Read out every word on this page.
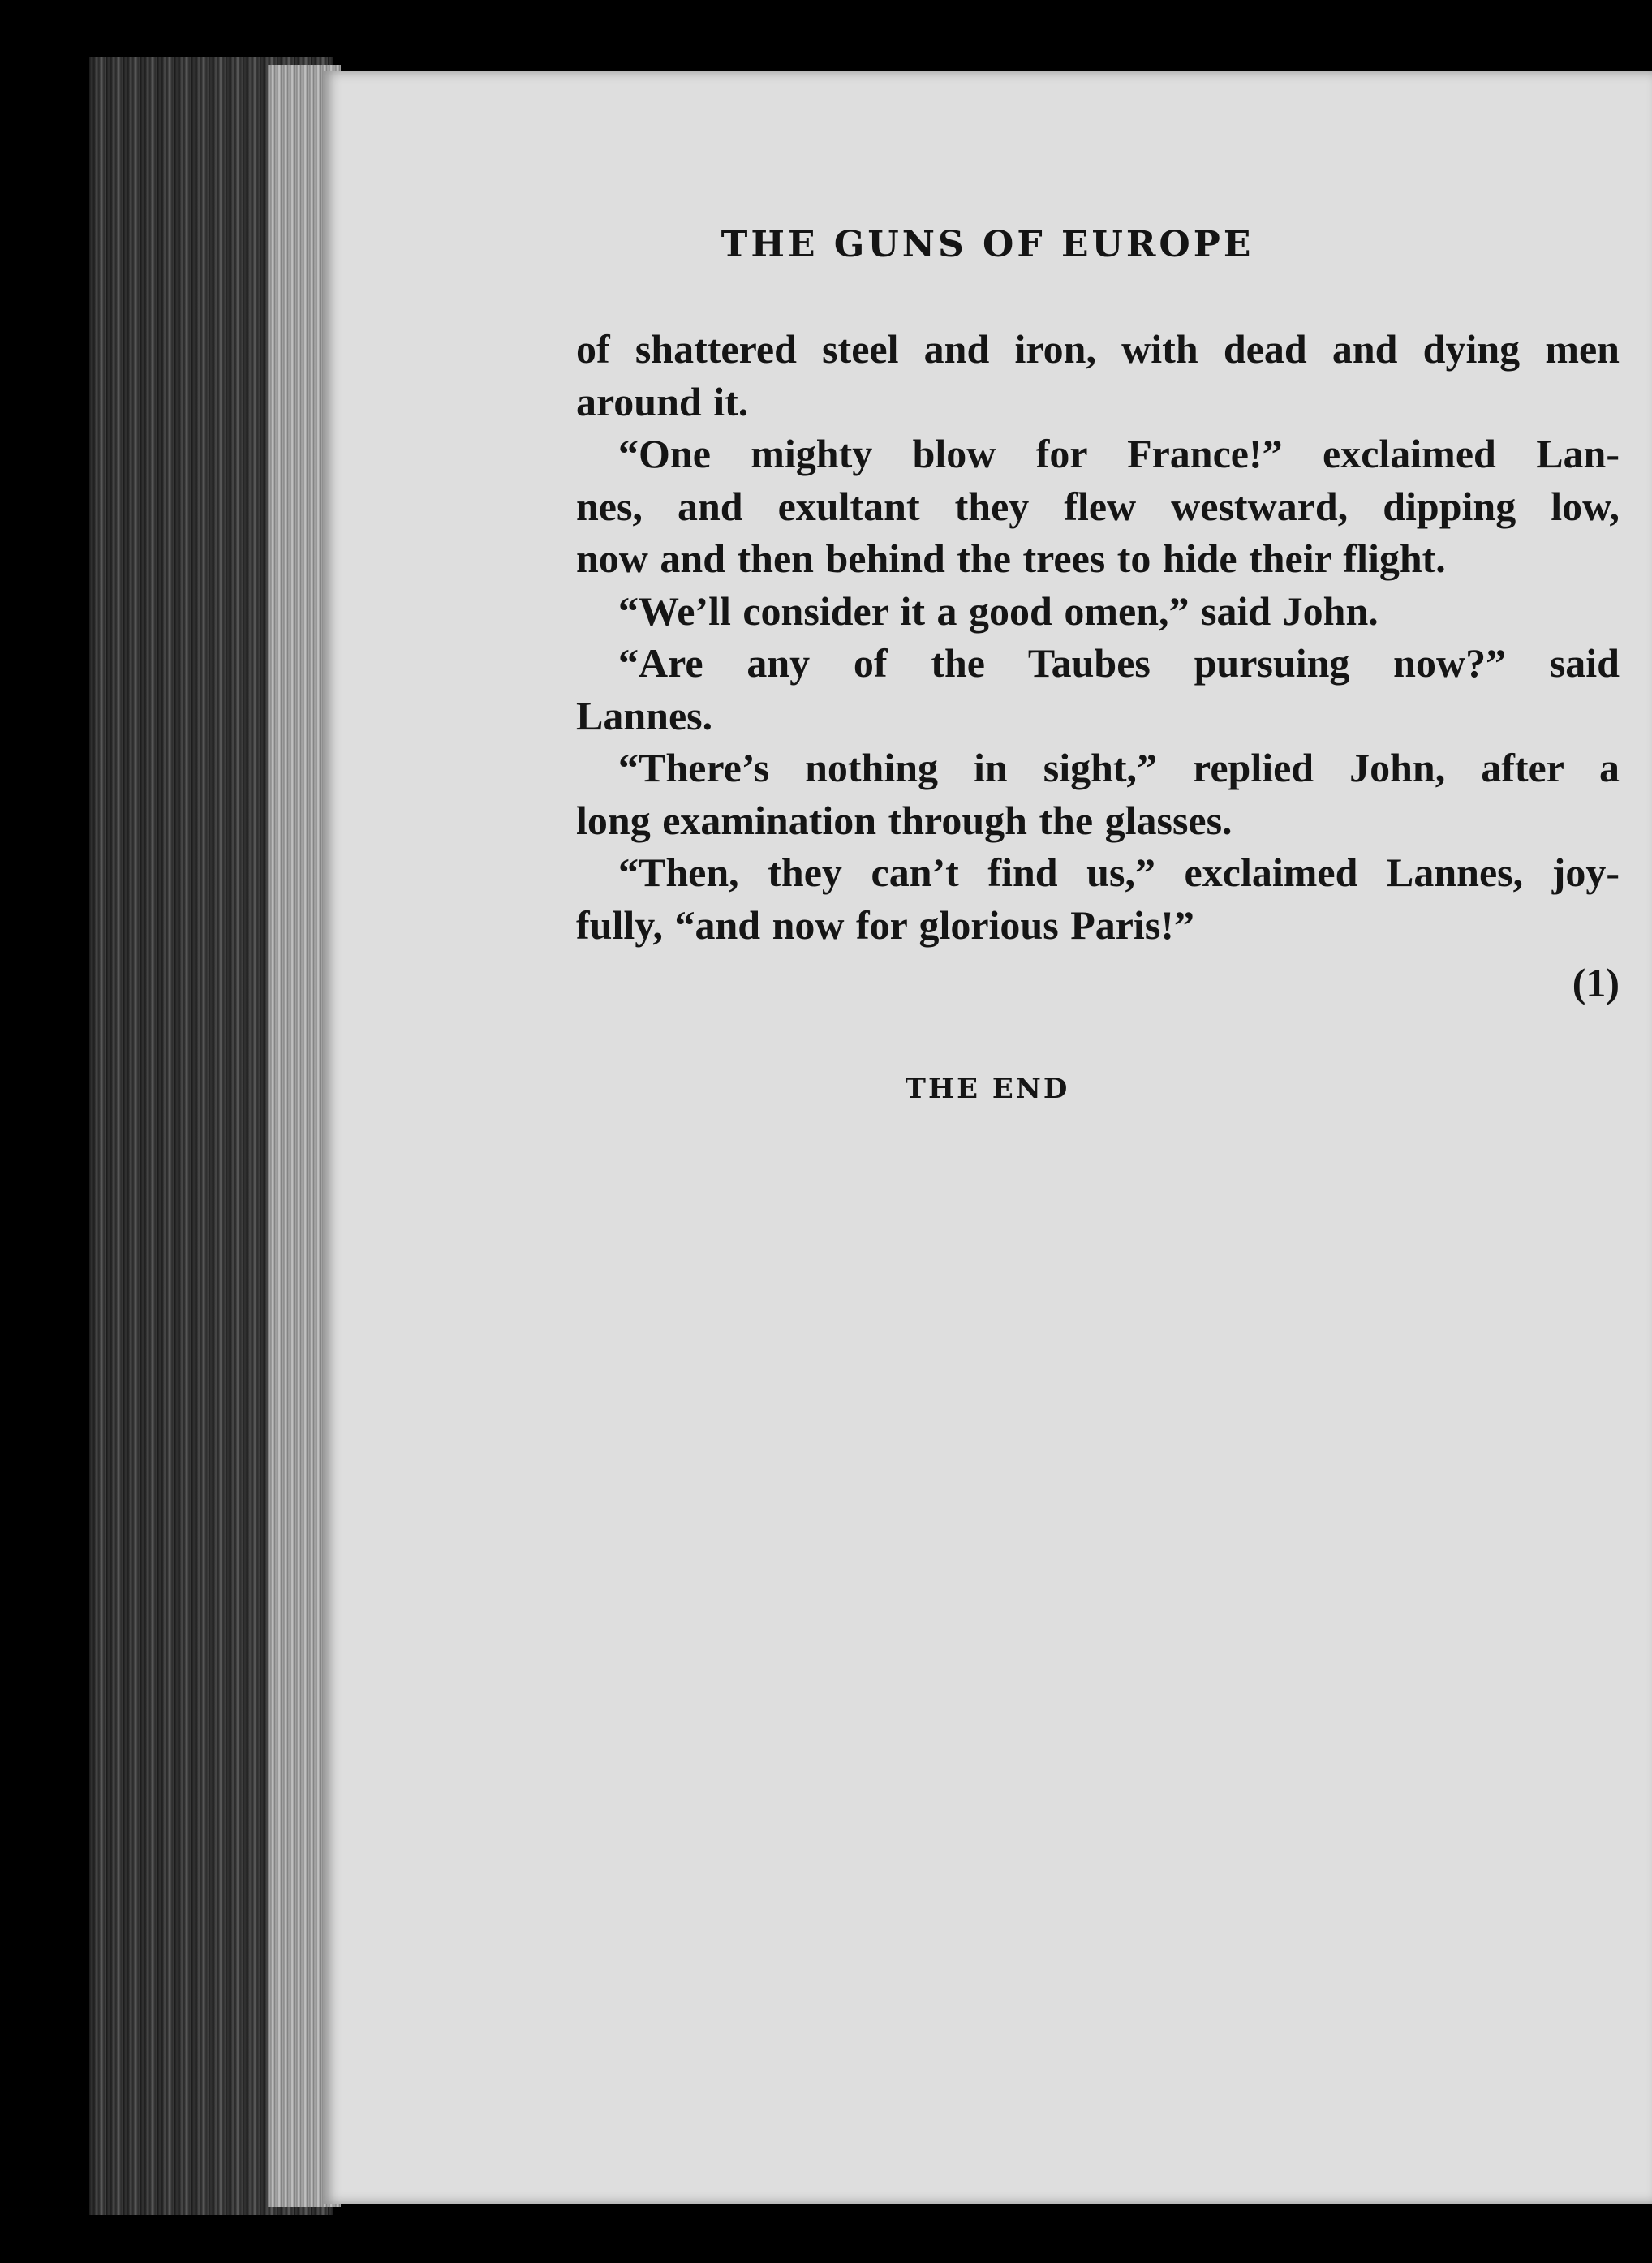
THE GUNS OF EUROPE
of shattered steel and iron, with dead and dying men
around it.
“One mighty blow for France!” exclaimed Lan-
nes, and exultant they flew westward, dipping low,
now and then behind the trees to hide their flight.
“We’ll consider it a good omen,” said John.
“Are any of the Taubes pursuing now?” said
Lannes.
“There’s nothing in sight,” replied John, after a
long examination through the glasses.
“Then, they can’t find us,” exclaimed Lannes, joy-
fully, “and now for glorious Paris!”
(1)
THE END
